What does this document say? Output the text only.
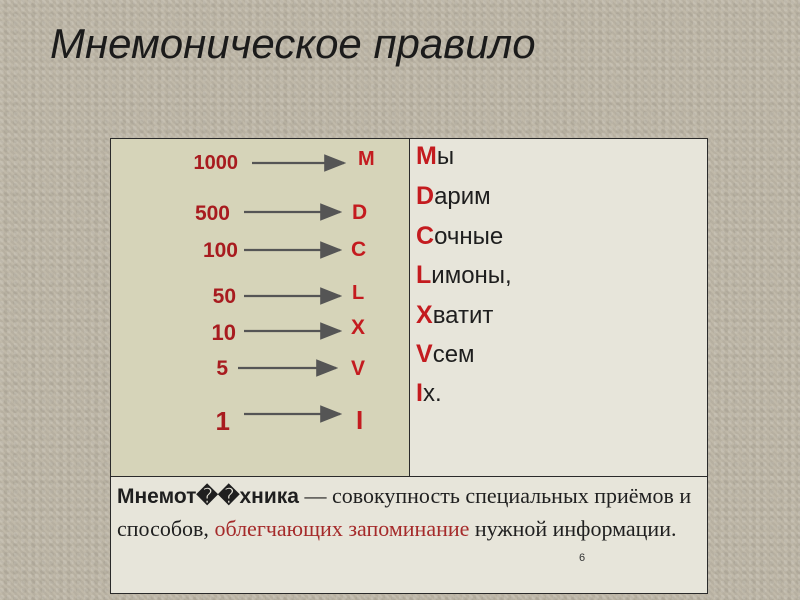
Мнемоническое правило
1000
500
100
50
10
5
1
M
D
C
L
X
V
I
Мы
Dарим
Сочные
Lимоны,
Хватит
Vсем
Iх.
Мнемот��хника — совокупность специальных приёмов и способов, облегчающих запоминание нужной информации.
6
